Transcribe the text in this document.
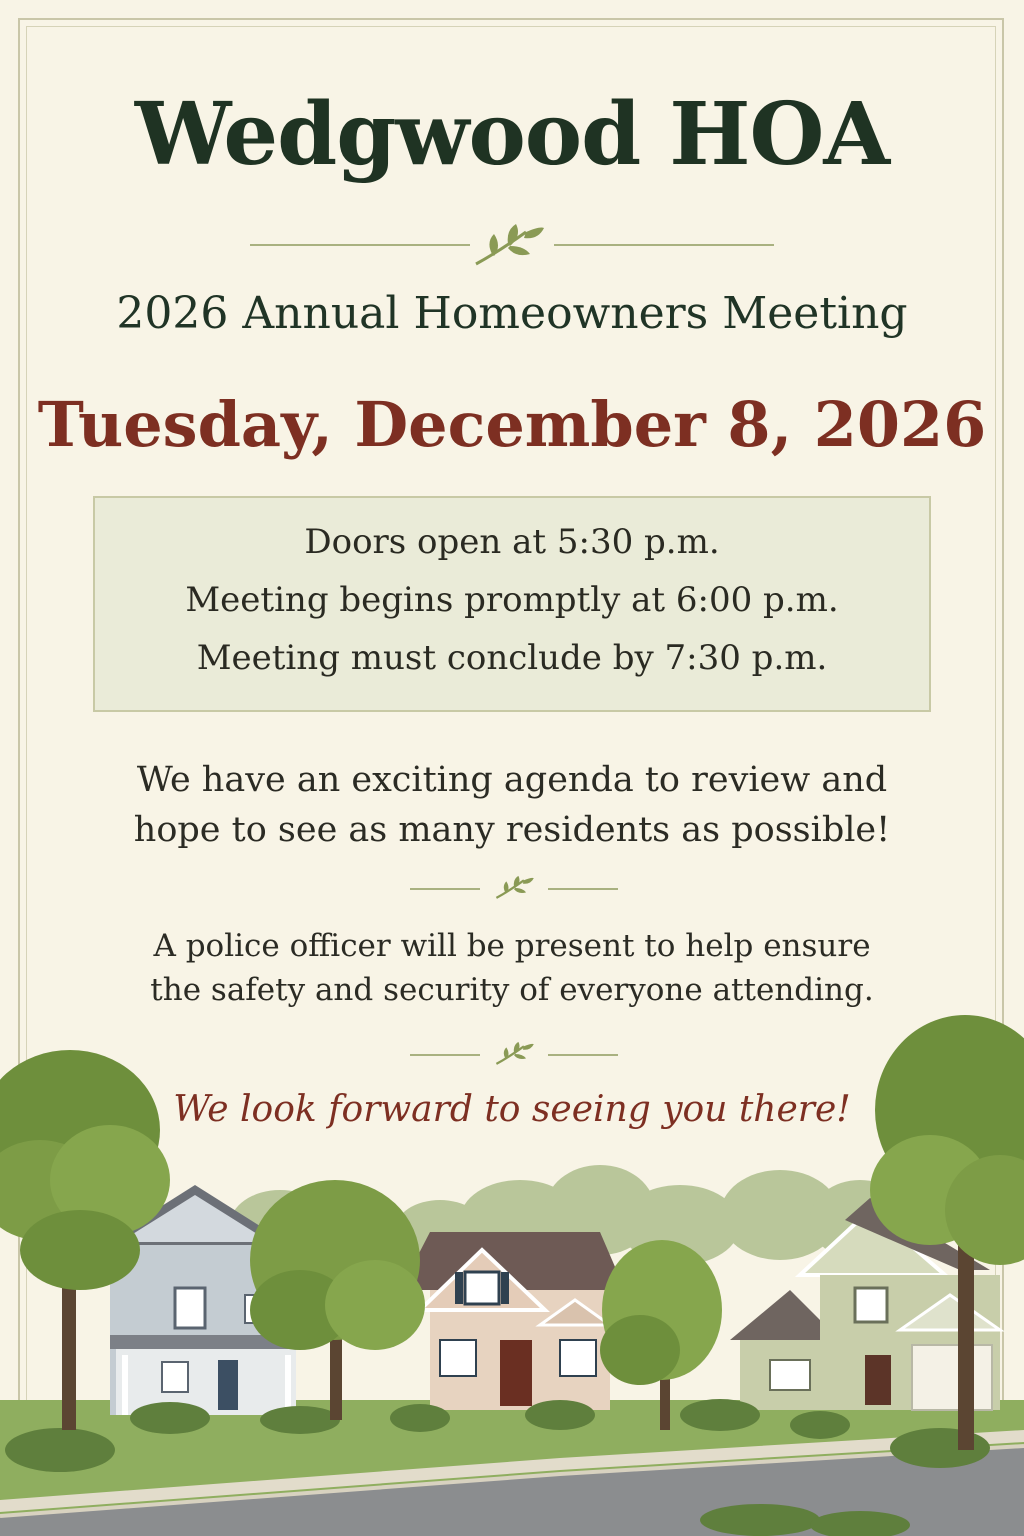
Wedgwood HOA
2026 Annual Homeowners Meeting
Tuesday, December 8, 2026
Doors open at 5:30 p.m.
Meeting begins promptly at 6:00 p.m.
Meeting must conclude by 7:30 p.m.
We have an exciting agenda to review and
hope to see as many residents as possible!
A police officer will be present to help ensure
the safety and security of everyone attending.
We look forward to seeing you there!
